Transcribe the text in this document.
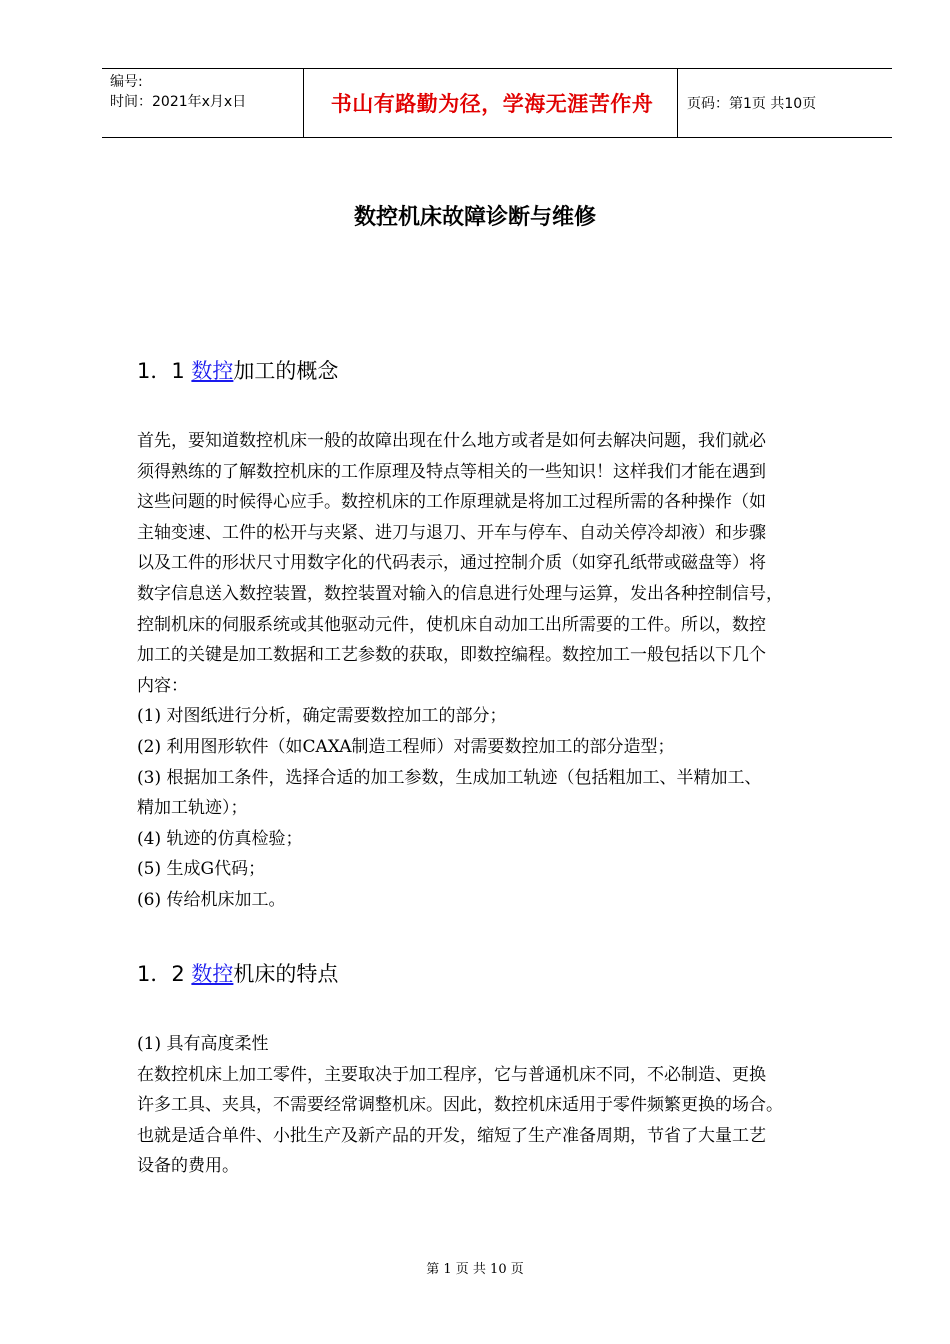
编号:
时间：2021年x月x日	书山有路勤为径，学海无涯苦作舟	页码：第1页 共10页
数控机床故障诊断与维修
1．1 数控加工的概念
首先，要知道数控机床一般的故障出现在什么地方或者是如何去解决问题，我们就必
须得熟练的了解数控机床的工作原理及特点等相关的一些知识！这样我们才能在遇到
这些问题的时候得心应手。数控机床的工作原理就是将加工过程所需的各种操作（如
主轴变速、工件的松开与夹紧、进刀与退刀、开车与停车、自动关停冷却液）和步骤
以及工件的形状尺寸用数字化的代码表示，通过控制介质（如穿孔纸带或磁盘等）将
数字信息送入数控装置，数控装置对输入的信息进行处理与运算，发出各种控制信号，
控制机床的伺服系统或其他驱动元件，使机床自动加工出所需要的工件。所以，数控
加工的关键是加工数据和工艺参数的获取，即数控编程。数控加工一般包括以下几个
内容：
(1) 对图纸进行分析，确定需要数控加工的部分；
(2) 利用图形软件（如CAXA制造工程师）对需要数控加工的部分造型；
(3) 根据加工条件，选择合适的加工参数，生成加工轨迹（包括粗加工、半精加工、
精加工轨迹）；
(4) 轨迹的仿真检验；
(5) 生成G代码；
(6) 传给机床加工。
1．2 数控机床的特点
(1) 具有高度柔性
在数控机床上加工零件，主要取决于加工程序，它与普通机床不同，不必制造、更换
许多工具、夹具，不需要经常调整机床。因此，数控机床适用于零件频繁更换的场合。
也就是适合单件、小批生产及新产品的开发，缩短了生产准备周期，节省了大量工艺
设备的费用。
第 1 页 共 10 页
